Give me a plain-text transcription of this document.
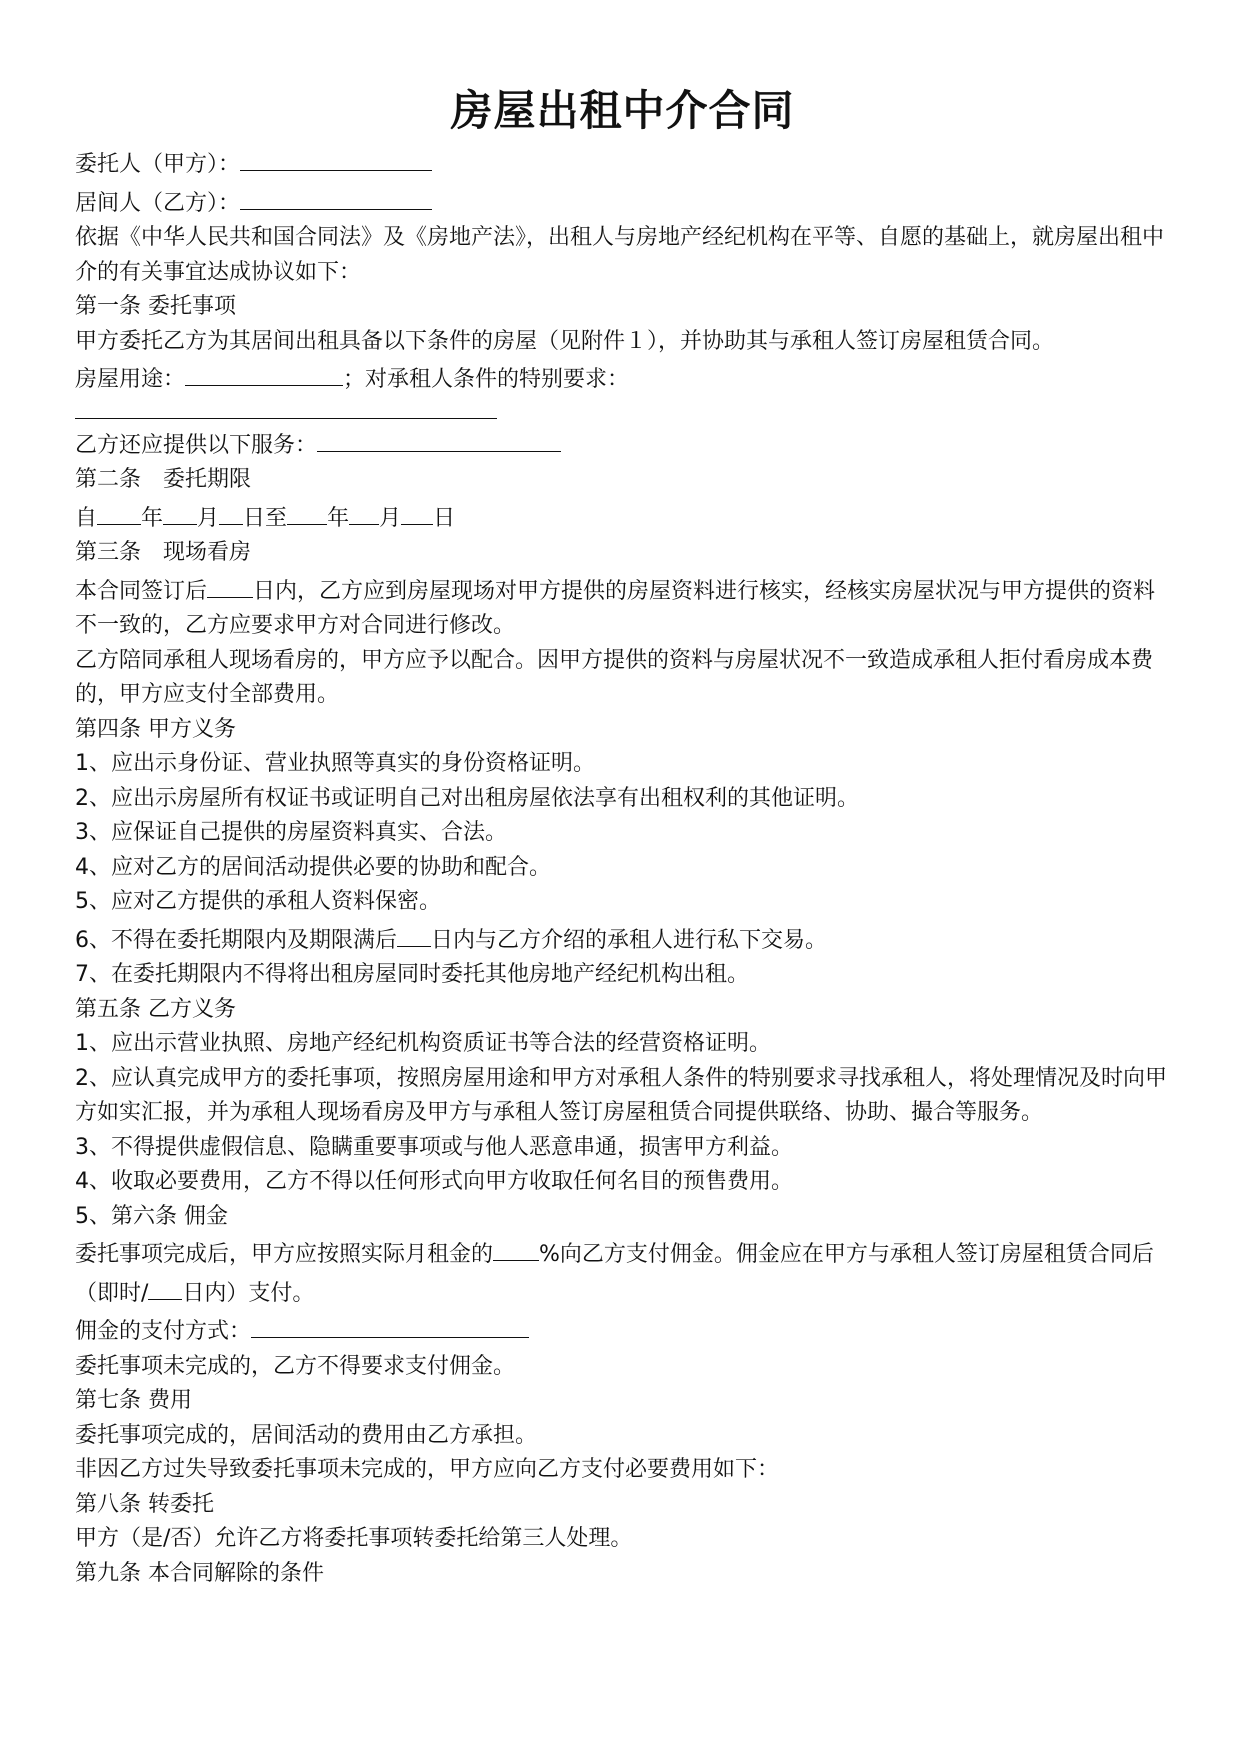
房屋出租中介合同

委托人（甲方）：

居间人（乙方）：

依据《中华人民共和国合同法》及《房地产法》，出租人与房地产经纪机构在平等、自愿的基础上，就房屋出租中介的有关事宜达成协议如下：

第一条 委托事项

甲方委托乙方为其居间出租具备以下条件的房屋（见附件１），并协助其与承租人签订房屋租赁合同。

房屋用途：	；对承租人条件的特别要求：

乙方还应提供以下服务：

第二条　委托期限

自 年 月 日至 年 月 日

第三条　现场看房

本合同签订后 日内，乙方应到房屋现场对甲方提供的房屋资料进行核实，经核实房屋状况与甲方提供的资料不一致的，乙方应要求甲方对合同进行修改。

乙方陪同承租人现场看房的，甲方应予以配合。因甲方提供的资料与房屋状况不一致造成承租人拒付看房成本费的，甲方应支付全部费用。

第四条 甲方义务

1、应出示身份证、营业执照等真实的身份资格证明。

2、应出示房屋所有权证书或证明自己对出租房屋依法享有出租权利的其他证明。

3、应保证自己提供的房屋资料真实、合法。

4、应对乙方的居间活动提供必要的协助和配合。

5、应对乙方提供的承租人资料保密。

6、不得在委托期限内及期限满后 日内与乙方介绍的承租人进行私下交易。

7、在委托期限内不得将出租房屋同时委托其他房地产经纪机构出租。

第五条 乙方义务

1、应出示营业执照、房地产经纪机构资质证书等合法的经营资格证明。

2、应认真完成甲方的委托事项，按照房屋用途和甲方对承租人条件的特别要求寻找承租人，将处理情况及时向甲方如实汇报，并为承租人现场看房及甲方与承租人签订房屋租赁合同提供联络、协助、撮合等服务。

3、不得提供虚假信息、隐瞒重要事项或与他人恶意串通，损害甲方利益。

4、收取必要费用，乙方不得以任何形式向甲方收取任何名目的预售费用。

5、第六条 佣金

委托事项完成后，甲方应按照实际月租金的 %向乙方支付佣金。佣金应在甲方与承租人签订房屋租赁合同后（即时/ 日内）支付。

佣金的支付方式：

委托事项未完成的，乙方不得要求支付佣金。

第七条 费用

委托事项完成的，居间活动的费用由乙方承担。

非因乙方过失导致委托事项未完成的，甲方应向乙方支付必要费用如下：

第八条 转委托

甲方（是/否）允许乙方将委托事项转委托给第三人处理。

第九条 本合同解除的条件
